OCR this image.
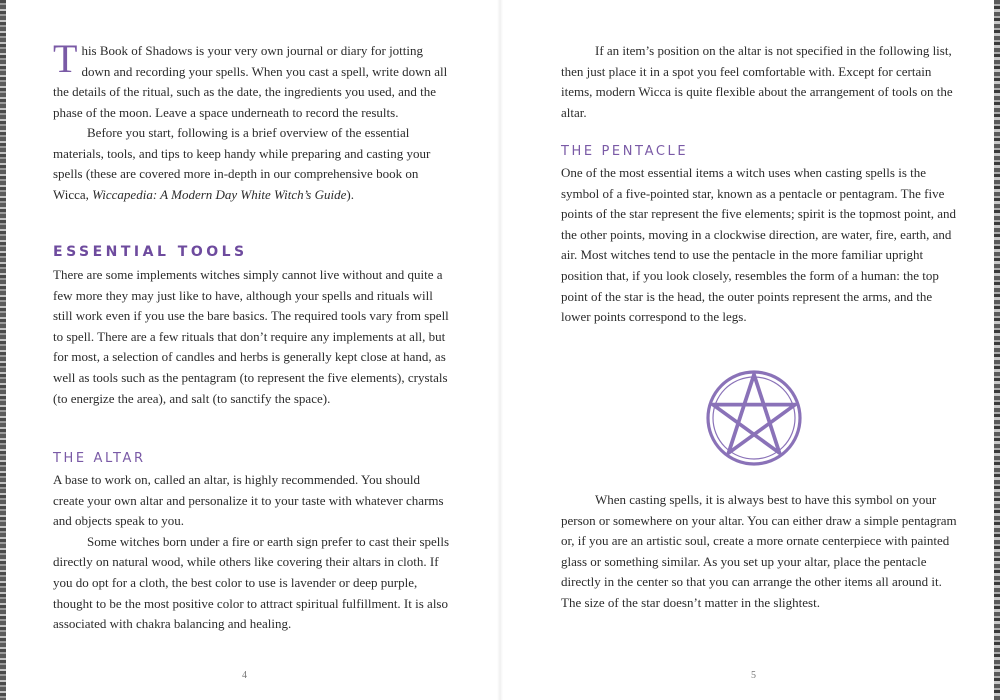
This Book of Shadows is your very own journal or diary for jotting down and recording your spells. When you cast a spell, write down all the details of the ritual, such as the date, the ingredients you used, and the phase of the moon. Leave a space underneath to record the results.

Before you start, following is a brief overview of the essential materials, tools, and tips to keep handy while preparing and casting your spells (these are covered more in-depth in our comprehensive book on Wicca, Wiccapedia: A Modern Day White Witch’s Guide).

ESSENTIAL TOOLS

There are some implements witches simply cannot live without and quite a few more they may just like to have, although your spells and rituals will still work even if you use the bare basics. The required tools vary from spell to spell. There are a few rituals that don’t require any implements at all, but for most, a selection of candles and herbs is generally kept close at hand, as well as tools such as the pentagram (to represent the five elements), crystals (to energize the area), and salt (to sanctify the space).

THE ALTAR

A base to work on, called an altar, is highly recommended. You should create your own altar and personalize it to your taste with whatever charms and objects speak to you.

Some witches born under a fire or earth sign prefer to cast their spells directly on natural wood, while others like covering their altars in cloth. If you do opt for a cloth, the best color to use is lavender or deep purple, thought to be the most positive color to attract spiritual fulfillment. It is also associated with chakra balancing and healing.

4

If an item’s position on the altar is not specified in the following list, then just place it in a spot you feel comfortable with. Except for certain items, modern Wicca is quite flexible about the arrangement of tools on the altar.

THE PENTACLE

One of the most essential items a witch uses when casting spells is the symbol of a five-pointed star, known as a pentacle or pentagram. The five points of the star represent the five elements; spirit is the topmost point, and the other points, moving in a clockwise direction, are water, fire, earth, and air. Most witches tend to use the pentacle in the more familiar upright position that, if you look closely, resembles the form of a human: the top point of the star is the head, the outer points represent the arms, and the lower points correspond to the legs.

When casting spells, it is always best to have this symbol on your person or somewhere on your altar. You can either draw a simple pentagram or, if you are an artistic soul, create a more ornate centerpiece with painted glass or something similar. As you set up your altar, place the pentacle directly in the center so that you can arrange the other items all around it. The size of the star doesn’t matter in the slightest.

5
